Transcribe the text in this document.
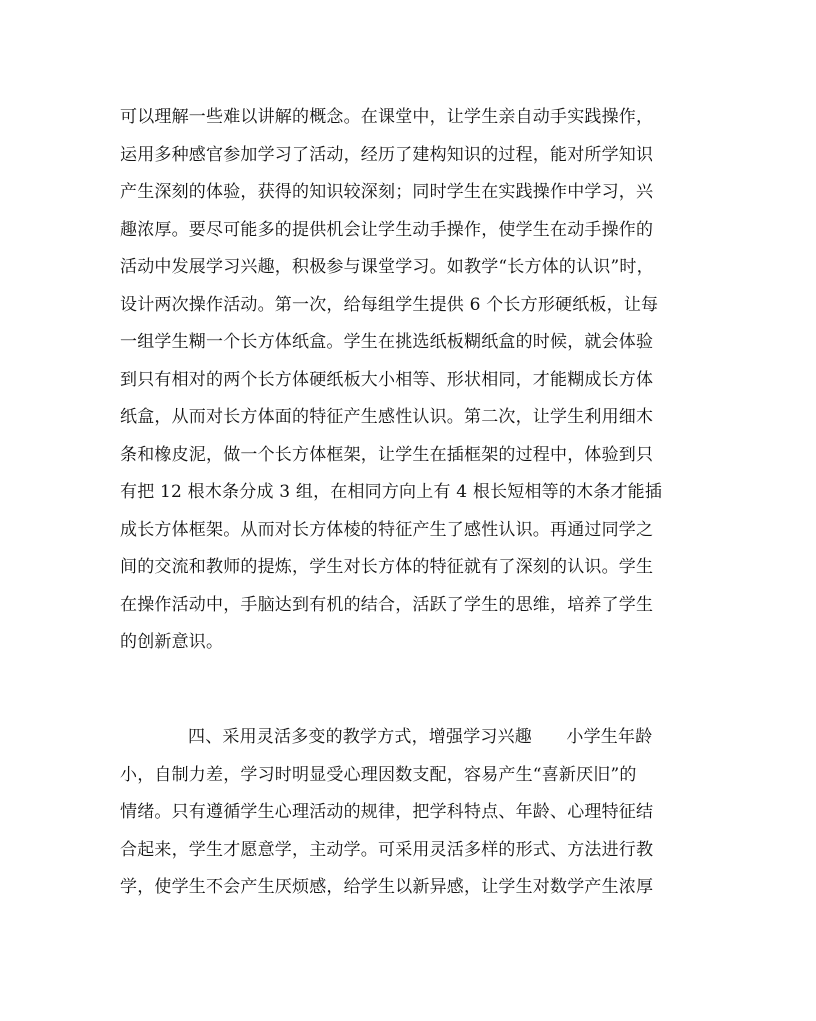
可以理解一些难以讲解的概念。在课堂中，让学生亲自动手实践操作，
运用多种感官参加学习了活动，经历了建构知识的过程，能对所学知识
产生深刻的体验，获得的知识较深刻；同时学生在实践操作中学习，兴
趣浓厚。要尽可能多的提供机会让学生动手操作，使学生在动手操作的
活动中发展学习兴趣，积极参与课堂学习。如教学“长方体的认识”时，
设计两次操作活动。第一次，给每组学生提供 6 个长方形硬纸板，让每
一组学生糊一个长方体纸盒。学生在挑选纸板糊纸盒的时候，就会体验
到只有相对的两个长方体硬纸板大小相等、形状相同，才能糊成长方体
纸盒，从而对长方体面的特征产生感性认识。第二次，让学生利用细木
条和橡皮泥，做一个长方体框架，让学生在插框架的过程中，体验到只
有把 12 根木条分成 3 组，在相同方向上有 4 根长短相等的木条才能插
成长方体框架。从而对长方体棱的特征产生了感性认识。再通过同学之
间的交流和教师的提炼，学生对长方体的特征就有了深刻的认识。学生
在操作活动中，手脑达到有机的结合，活跃了学生的思维，培养了学生
的创新意识。
四、采用灵活多变的教学方式，增强学习兴趣　　小学生年龄
小，自制力差，学习时明显受心理因数支配，容易产生“喜新厌旧”的
情绪。只有遵循学生心理活动的规律，把学科特点、年龄、心理特征结
合起来，学生才愿意学，主动学。可采用灵活多样的形式、方法进行教
学，使学生不会产生厌烦感，给学生以新异感，让学生对数学产生浓厚
